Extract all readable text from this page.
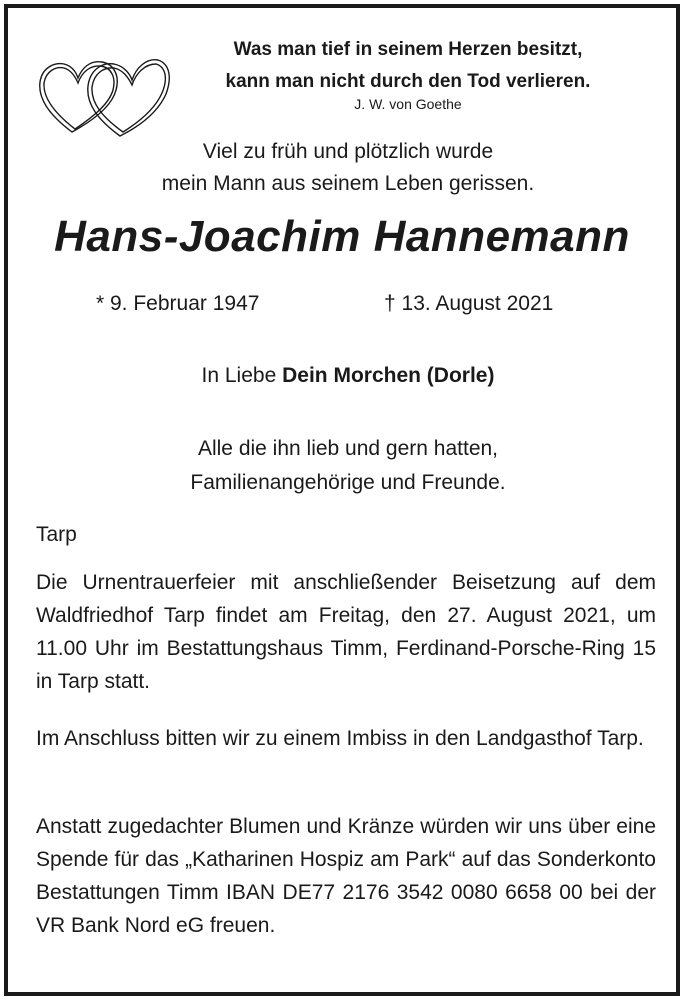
Was man tief in seinem Herzen besitzt,
kann man nicht durch den Tod verlieren.
J. W. von Goethe
Viel zu früh und plötzlich wurde
mein Mann aus seinem Leben gerissen.
Hans-Joachim Hannemann
* 9. Februar 1947	† 13. August 2021
In Liebe Dein Morchen (Dorle)
Alle die ihn lieb und gern hatten,
Familienangehörige und Freunde.
Tarp
Die Urnentrauerfeier mit anschließender Beisetzung auf dem Waldfriedhof Tarp findet am Freitag, den 27. August 2021, um 11.00 Uhr im Bestattungshaus Timm, Ferdinand-Porsche-Ring 15 in Tarp statt.
Im Anschluss bitten wir zu einem Imbiss in den Landgasthof Tarp.
Anstatt zugedachter Blumen und Kränze würden wir uns über eine Spende für das „Katharinen Hospiz am Park“ auf das Sonderkonto Bestattungen Timm IBAN DE77 2176 3542 0080 6658 00 bei der VR Bank Nord eG freuen.
